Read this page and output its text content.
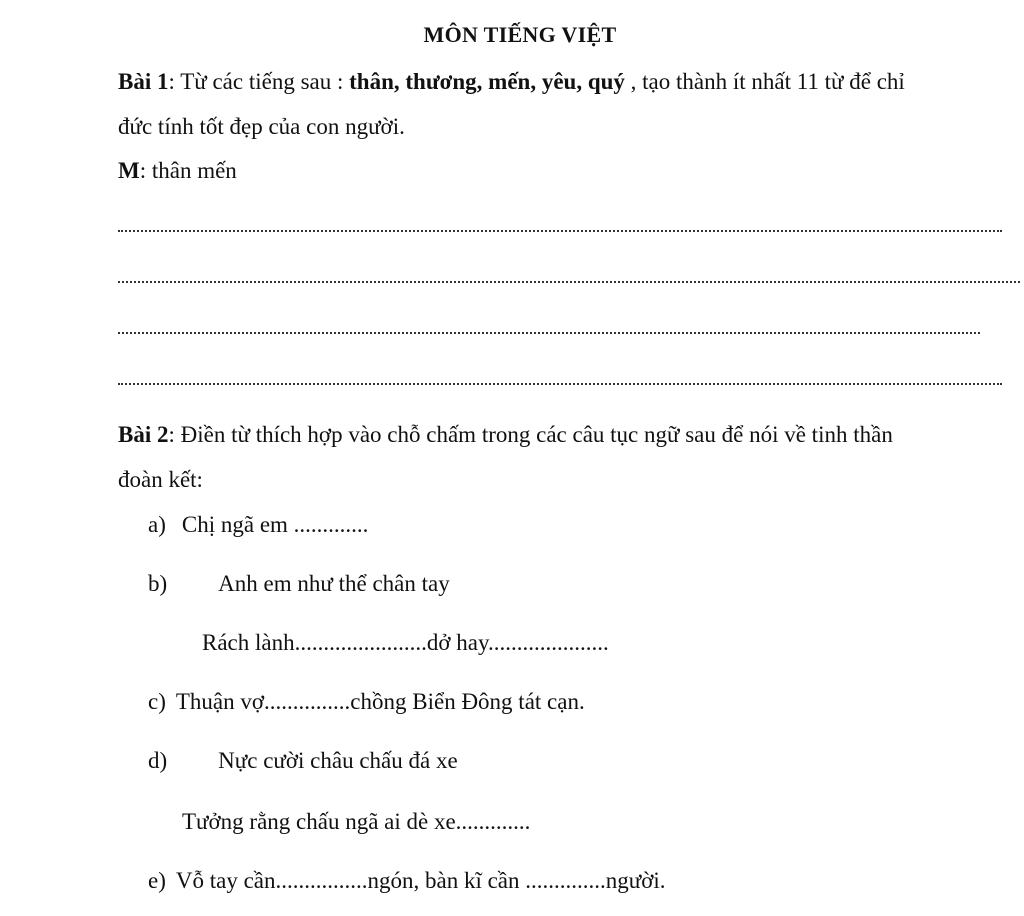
MÔN TIẾNG VIỆT
Bài 1: Từ các tiếng sau : thân, thương, mến, yêu, quý , tạo thành ít nhất 11 từ để chỉ
đức tính tốt đẹp của con người.
M: thân mến
Bài 2: Điền từ thích hợp vào chỗ chấm trong các câu tục ngữ sau để nói về tinh thần
đoàn kết:
a) Chị ngã em .............
b) Anh em như thể chân tay
Rách lành.......................dở hay.....................
c) Thuận vợ...............chồng Biển Đông tát cạn.
d) Nực cười châu chấu đá xe
Tưởng rằng chấu ngã ai dè xe.............
e) Vỗ tay cần................ngón, bàn kĩ cần ..............người.
